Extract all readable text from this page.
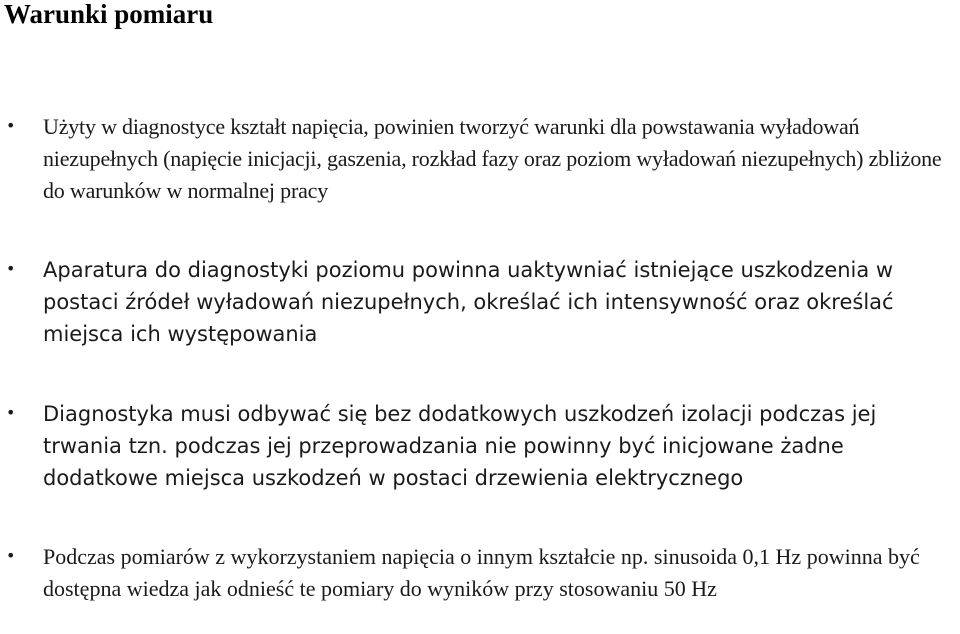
Warunki pomiaru
• Użyty w diagnostyce kształt napięcia, powinien tworzyć warunki dla powstawania wyładowań niezupełnych (napięcie inicjacji, gaszenia, rozkład fazy oraz poziom wyładowań niezupełnych) zbliżone do warunków w normalnej pracy
• Aparatura do diagnostyki poziomu powinna uaktywniać istniejące uszkodzenia w postaci źródeł wyładowań niezupełnych, określać ich intensywność oraz określać miejsca ich występowania
• Diagnostyka musi odbywać się bez dodatkowych uszkodzeń izolacji podczas jej trwania tzn. podczas jej przeprowadzania nie powinny być inicjowane żadne dodatkowe miejsca uszkodzeń w postaci drzewienia elektrycznego
• Podczas pomiarów z wykorzystaniem napięcia o innym kształcie np. sinusoida 0,1 Hz powinna być dostępna wiedza jak odnieść te pomiary do wyników przy stosowaniu 50 Hz
